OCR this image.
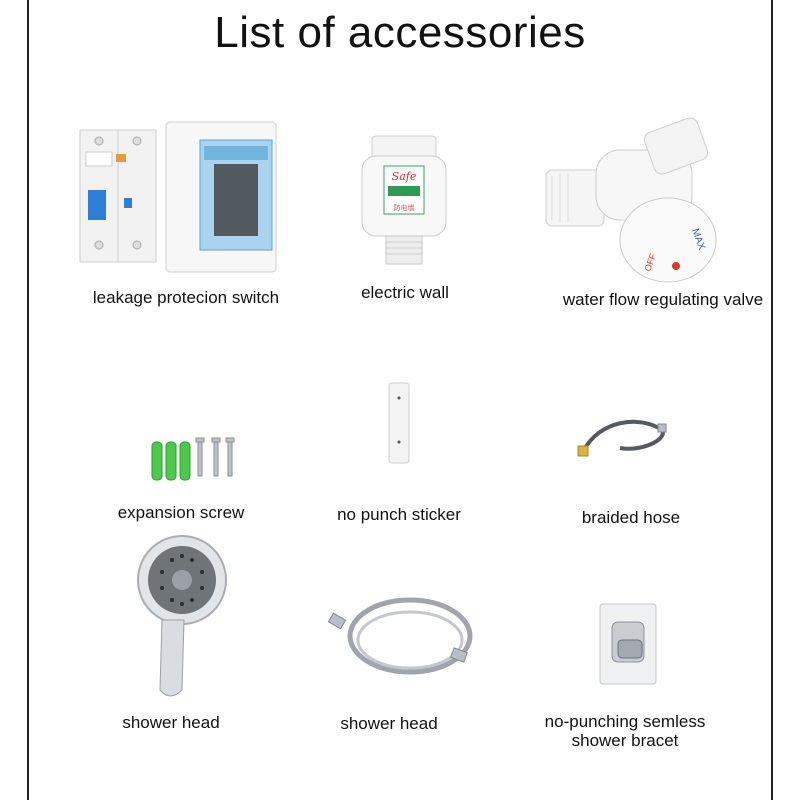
List of accessories
leakage protecion switch
Safe
防电墙
electric wall
MAX
OFF
water flow regulating valve
expansion screw	no punch sticker	braided hose
shower head	shower head	no-punching semless
shower bracet
